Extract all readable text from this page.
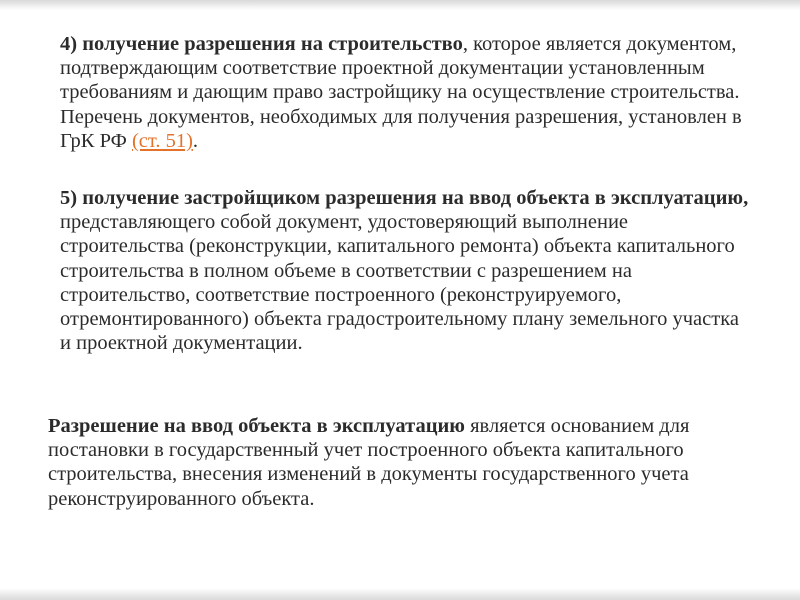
4) получение разрешения на строительство, которое является документом, подтверждающим соответствие проектной документации установленным требованиям и дающим право застройщику на осуществление строительства. Перечень документов, необходимых для получения разрешения, установлен в ГрК РФ (ст. 51).

5) получение застройщиком разрешения на ввод объекта в эксплуатацию, представляющего собой документ, удостоверяющий выполнение строительства (реконструкции, капитального ремонта) объекта капитального строительства в полном объеме в соответствии с разрешением на строительство, соответствие построенного (реконструируемого, отремонтированного) объекта градостроительному плану земельного участка и проектной документации.

Разрешение на ввод объекта в эксплуатацию является основанием для постановки в государственный учет построенного объекта капитального строительства, внесения изменений в документы государственного учета реконструированного объекта.
